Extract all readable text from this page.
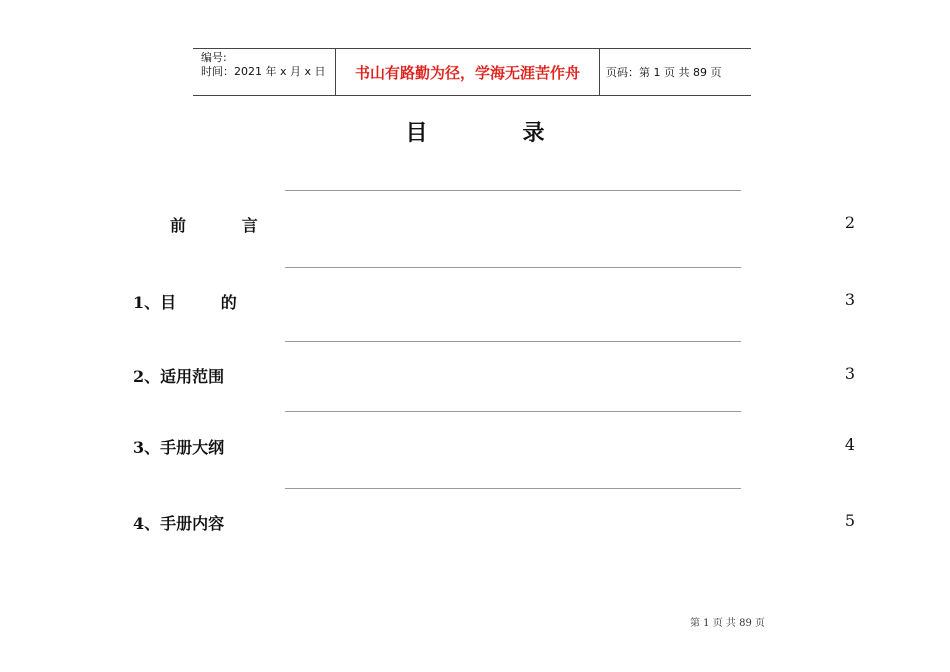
编号:
时间：2021 年 x 月 x 日	书山有路勤为径，学海无涯苦作舟 页码：第 1 页 共 89 页
目	录
前          言	2
1、目        的	3
2、适用范围	3
3、手册大纲	4
4、手册内容	5
第 1 页 共 89 页
